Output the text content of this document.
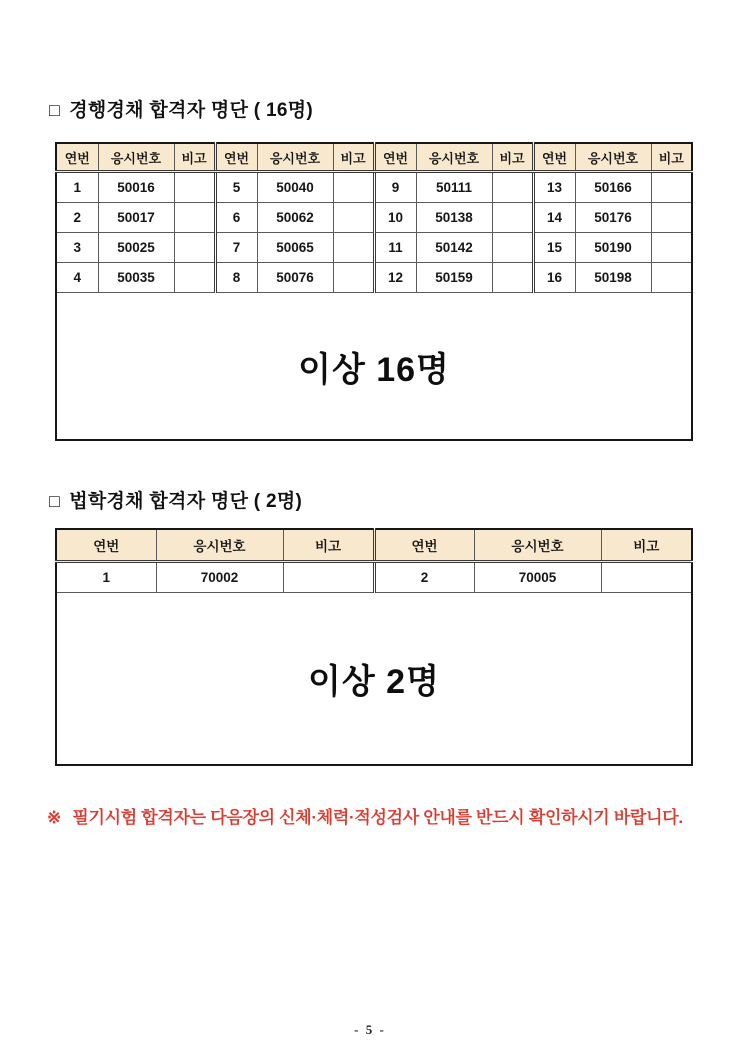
□ 경행경채 합격자 명단 ( 16명)
연번	응시번호	비고	연번	응시번호	비고	연번	응시번호	비고	연번	응시번호	비고
1	50016		5	50040		9	50111		13	50166	
2	50017		6	50062		10	50138		14	50176	
3	50025		7	50065		11	50142		15	50190	
4	50035		8	50076		12	50159		16	50198	
이상 16명											
□ 법학경채 합격자 명단 ( 2명)
연번	응시번호	비고	연번	응시번호	비고
1	70002		2	70005	
이상 2명					
※ 필기시험 합격자는 다음장의 신체·체력·적성검사 안내를 반드시 확인하시기 바랍니다.
- 5 -
